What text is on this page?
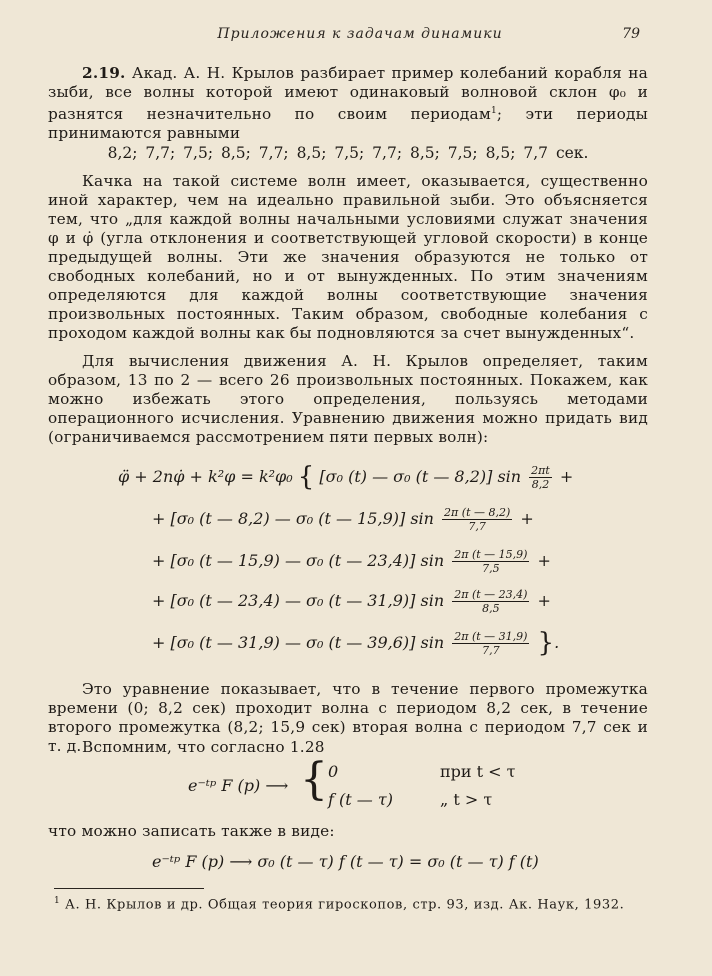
Приложения к задачам динамики	79

2.19. Акад. А. Н. Крылов разбирает пример колебаний корабля на зыби, все волны которой имеют одинаковый волновой склон φ₀ и разнятся незначительно по своим периодам$^1$; эти периоды принимаются равными

8,2; 7,7; 7,5; 8,5; 7,7; 8,5; 7,5; 7,7; 8,5; 7,5; 8,5; 7,7 сек.

Качка на такой системе волн имеет, оказывается, существенно иной характер, чем на идеально правильной зыби. Это объясняется тем, что „для каждой волны начальными условиями служат значения φ и φ̇ (угла отклонения и соответствующей угловой скорости) в конце предыдущей волны. Эти же значения образуются не только от свободных колебаний, но и от вынужденных. По этим значениям определяются для каждой волны соответствующие значения произвольных постоянных. Таким образом, свободные колебания с проходом каждой волны как бы подновляются за счет вынужденных“.

Для вычисления движения А. Н. Крылов определяет, таким образом, 13 по 2 — всего 26 произвольных постоянных. Покажем, как можно избежать этого определения, пользуясь методами операционного исчисления. Уравнению движения можно придать вид (ограничиваемся рассмотрением пяти первых волн):

φ̈ + 2nφ̇ + k²φ = k²φ₀ { [σ₀ (t) — σ₀ (t — 8,2)] $\sin \frac{2\pi t}{8,2}$ +
+ [σ₀ (t — 8,2) — σ₀ (t — 15,9)] $\sin \frac{2\pi (t — 8,2)}{7,7}$ +
+ [σ₀ (t — 15,9) — σ₀ (t — 23,4)] $\sin \frac{2\pi (t — 15,9)}{7,5}$ +
+ [σ₀ (t — 23,4) — σ₀ (t — 31,9)] $\sin \frac{2\pi (t — 23,4)}{8,5}$ +
+ [σ₀ (t — 31,9) — σ₀ (t — 39,6)] $\sin \frac{2\pi (t — 31,9)}{7,7}$ }.

Это уравнение показывает, что в течение первого промежутка времени (0; 8,2 сек) проходит волна с периодом 8,2 сек, в течение второго промежутка (8,2; 15,9 сек) вторая волна с периодом 7,7 сек и т. д. Вспомним, что согласно 1.28

e⁻ᵗᵖ F (p) ⟶ { 0	при t < τ
f (t — τ)	„ t > τ

что можно записать также в виде:

e⁻ᵗᵖ F (p) ⟶ σ₀ (t — τ) f (t — τ) = σ₀ (t — τ) f (t)
$^1$ А. Н. Крылов и др. Общая теория гироскопов, стр. 93, изд. Ак. Наук, 1932.
